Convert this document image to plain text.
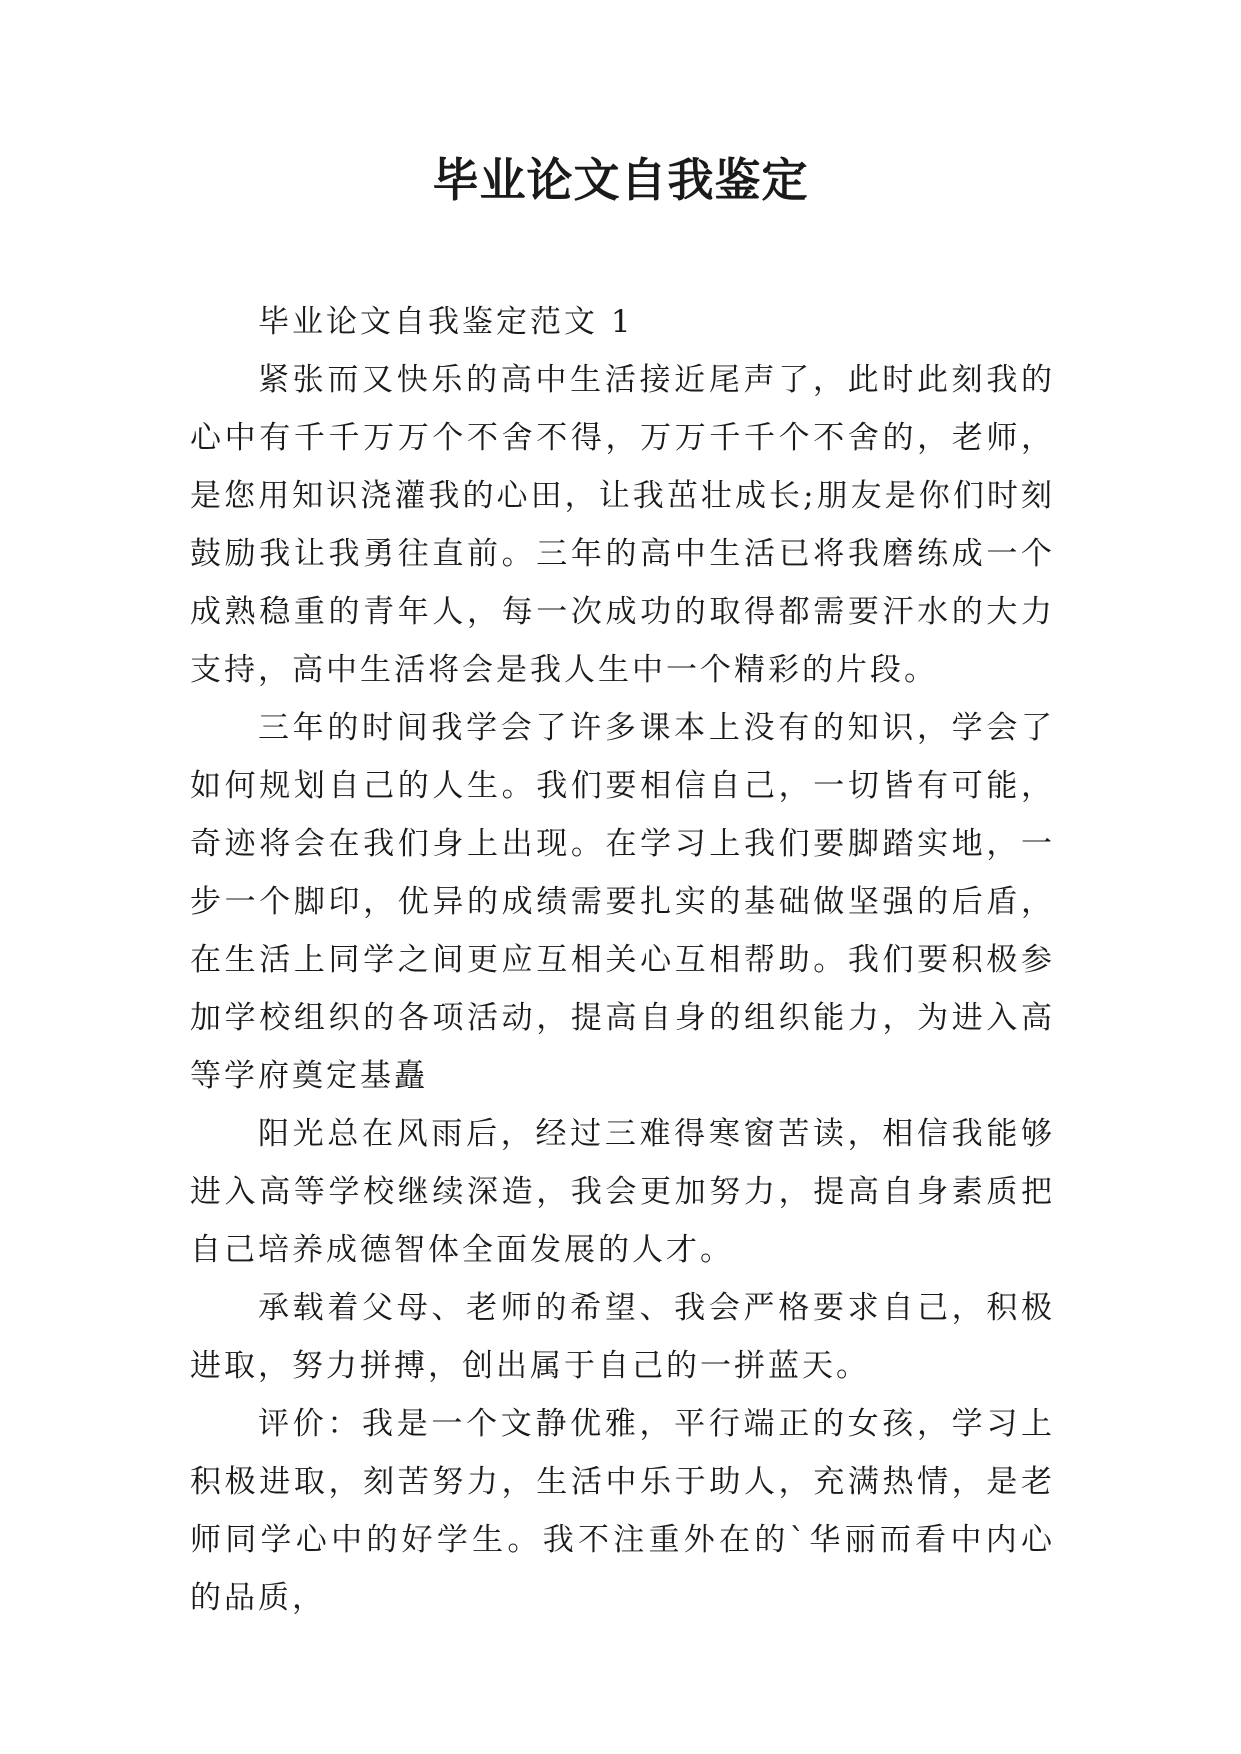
毕业论文自我鉴定

毕业论文自我鉴定范文 1

紧张而又快乐的高中生活接近尾声了，此时此刻我的心中有千千万万个不舍不得，万万千千个不舍的，老师，是您用知识浇灌我的心田，让我茁壮成长;朋友是你们时刻鼓励我让我勇往直前。三年的高中生活已将我磨练成一个成熟稳重的青年人，每一次成功的取得都需要汗水的大力支持，高中生活将会是我人生中一个精彩的片段。

三年的时间我学会了许多课本上没有的知识，学会了如何规划自己的人生。我们要相信自己，一切皆有可能，奇迹将会在我们身上出现。在学习上我们要脚踏实地，一步一个脚印，优异的成绩需要扎实的基础做坚强的后盾，在生活上同学之间更应互相关心互相帮助。我们要积极参加学校组织的各项活动，提高自身的组织能力，为进入高等学府奠定基矗

阳光总在风雨后，经过三难得寒窗苦读，相信我能够进入高等学校继续深造，我会更加努力，提高自身素质把自己培养成德智体全面发展的人才。

承载着父母、老师的希望、我会严格要求自己，积极进取，努力拼搏，创出属于自己的一拼蓝天。

评价：我是一个文静优雅，平行端正的女孩，学习上积极进取，刻苦努力，生活中乐于助人，充满热情，是老师同学心中的好学生。我不注重外在的`华丽而看中内心的品质，
